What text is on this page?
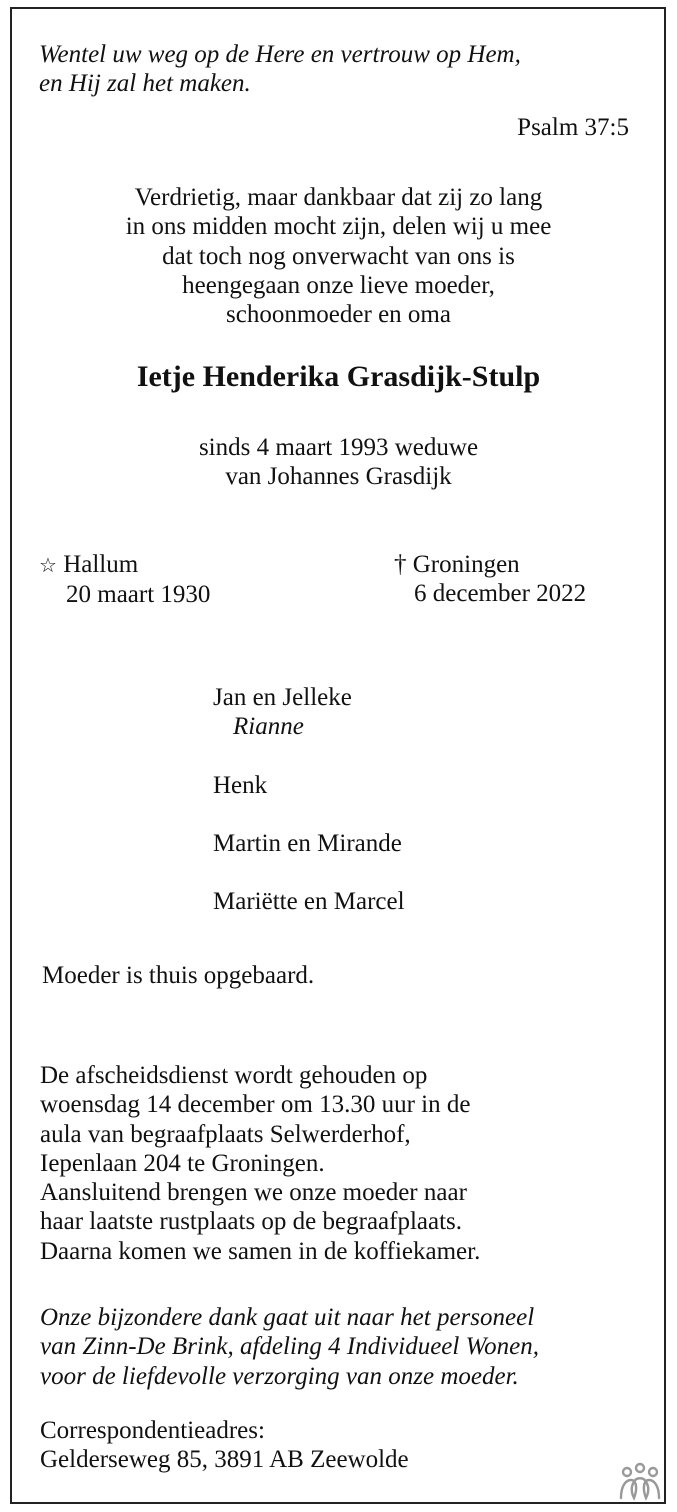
Wentel uw weg op de Here en vertrouw op Hem,
en Hij zal het maken.
Psalm 37:5
Verdrietig, maar dankbaar dat zij zo lang
in ons midden mocht zijn, delen wij u mee
dat toch nog onverwacht van ons is
heengegaan onze lieve moeder,
schoonmoeder en oma
Ietje Henderika Grasdijk-Stulp
sinds 4 maart 1993 weduwe
van Johannes Grasdijk
☆ Hallum
20 maart 1930
† Groningen
6 december 2022
Jan en Jelleke
Rianne
Henk
Martin en Mirande
Mariëtte en Marcel
Moeder is thuis opgebaard.
De afscheidsdienst wordt gehouden op
woensdag 14 december om 13.30 uur in de
aula van begraafplaats Selwerderhof,
Iepenlaan 204 te Groningen.
Aansluitend brengen we onze moeder naar
haar laatste rustplaats op de begraafplaats.
Daarna komen we samen in de koffiekamer.
Onze bijzondere dank gaat uit naar het personeel
van Zinn-De Brink, afdeling 4 Individueel Wonen,
voor de liefdevolle verzorging van onze moeder.
Correspondentieadres:
Gelderseweg 85, 3891 AB Zeewolde
